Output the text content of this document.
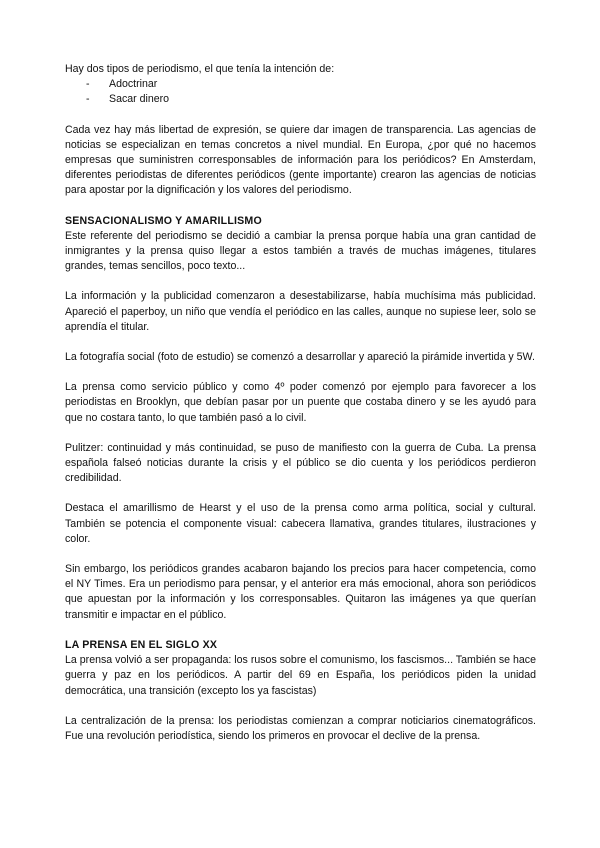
Hay dos tipos de periodismo, el que tenía la intención de:

- Adoctrinar
- Sacar dinero

Cada vez hay más libertad de expresión, se quiere dar imagen de transparencia. Las agencias de noticias se especializan en temas concretos a nivel mundial. En Europa, ¿por qué no hacemos empresas que suministren corresponsables de información para los periódicos? En Amsterdam, diferentes periodistas de diferentes periódicos (gente importante) crearon las agencias de noticias para apostar por la dignificación y los valores del periodismo.

SENSACIONALISMO Y AMARILLISMO

Este referente del periodismo se decidió a cambiar la prensa porque había una gran cantidad de inmigrantes y la prensa quiso llegar a estos también a través de muchas imágenes, titulares grandes, temas sencillos, poco texto...

La información y la publicidad comenzaron a desestabilizarse, había muchísima más publicidad. Apareció el paperboy, un niño que vendía el periódico en las calles, aunque no supiese leer, solo se aprendía el titular.

La fotografía social (foto de estudio) se comenzó a desarrollar y apareció la pirámide invertida y 5W.

La prensa como servicio público y como 4º poder comenzó por ejemplo para favorecer a los periodistas en Brooklyn, que debían pasar por un puente que costaba dinero y se les ayudó para que no costara tanto, lo que también pasó a lo civil.

Pulitzer: continuidad y más continuidad, se puso de manifiesto con la guerra de Cuba. La prensa española falseó noticias durante la crisis y el público se dio cuenta y los periódicos perdieron credibilidad.

Destaca el amarillismo de Hearst y el uso de la prensa como arma política, social y cultural. También se potencia el componente visual: cabecera llamativa, grandes titulares, ilustraciones y color.

Sin embargo, los periódicos grandes acabaron bajando los precios para hacer competencia, como el NY Times. Era un periodismo para pensar, y el anterior era más emocional, ahora son periódicos que apuestan por la información y los corresponsables. Quitaron las imágenes ya que querían transmitir e impactar en el público.

LA PRENSA EN EL SIGLO XX

La prensa volvió a ser propaganda: los rusos sobre el comunismo, los fascismos... También se hace guerra y paz en los periódicos. A partir del 69 en España, los periódicos piden la unidad democrática, una transición (excepto los ya fascistas)

La centralización de la prensa: los periodistas comienzan a comprar noticiarios cinematográficos. Fue una revolución periodística, siendo los primeros en provocar el declive de la prensa.
